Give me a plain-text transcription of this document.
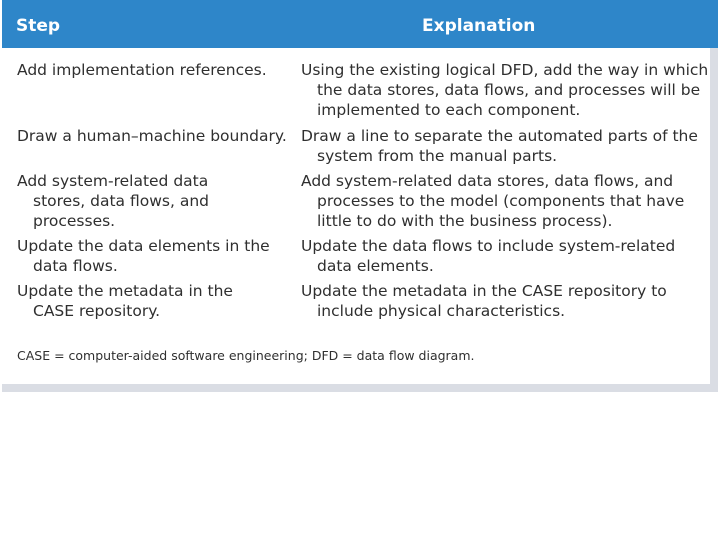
Step	Explanation

Add implementation references.	Using the existing logical DFD, add the way in which the data stores, data flows, and processes will be implemented to each component.

Draw a human–machine boundary. Draw a line to separate the automated parts of the system from the manual parts.

Add system-related data stores, data flows, and processes.

Add system-related data stores, data flows, and processes to the model (components that have little to do with the business process).

Update the data elements in the data flows.

Update the data flows to include system-related data elements.

Update the metadata in the CASE repository.

Update the metadata in the CASE repository to include physical characteristics.

CASE = computer-aided software engineering; DFD = data flow diagram.
